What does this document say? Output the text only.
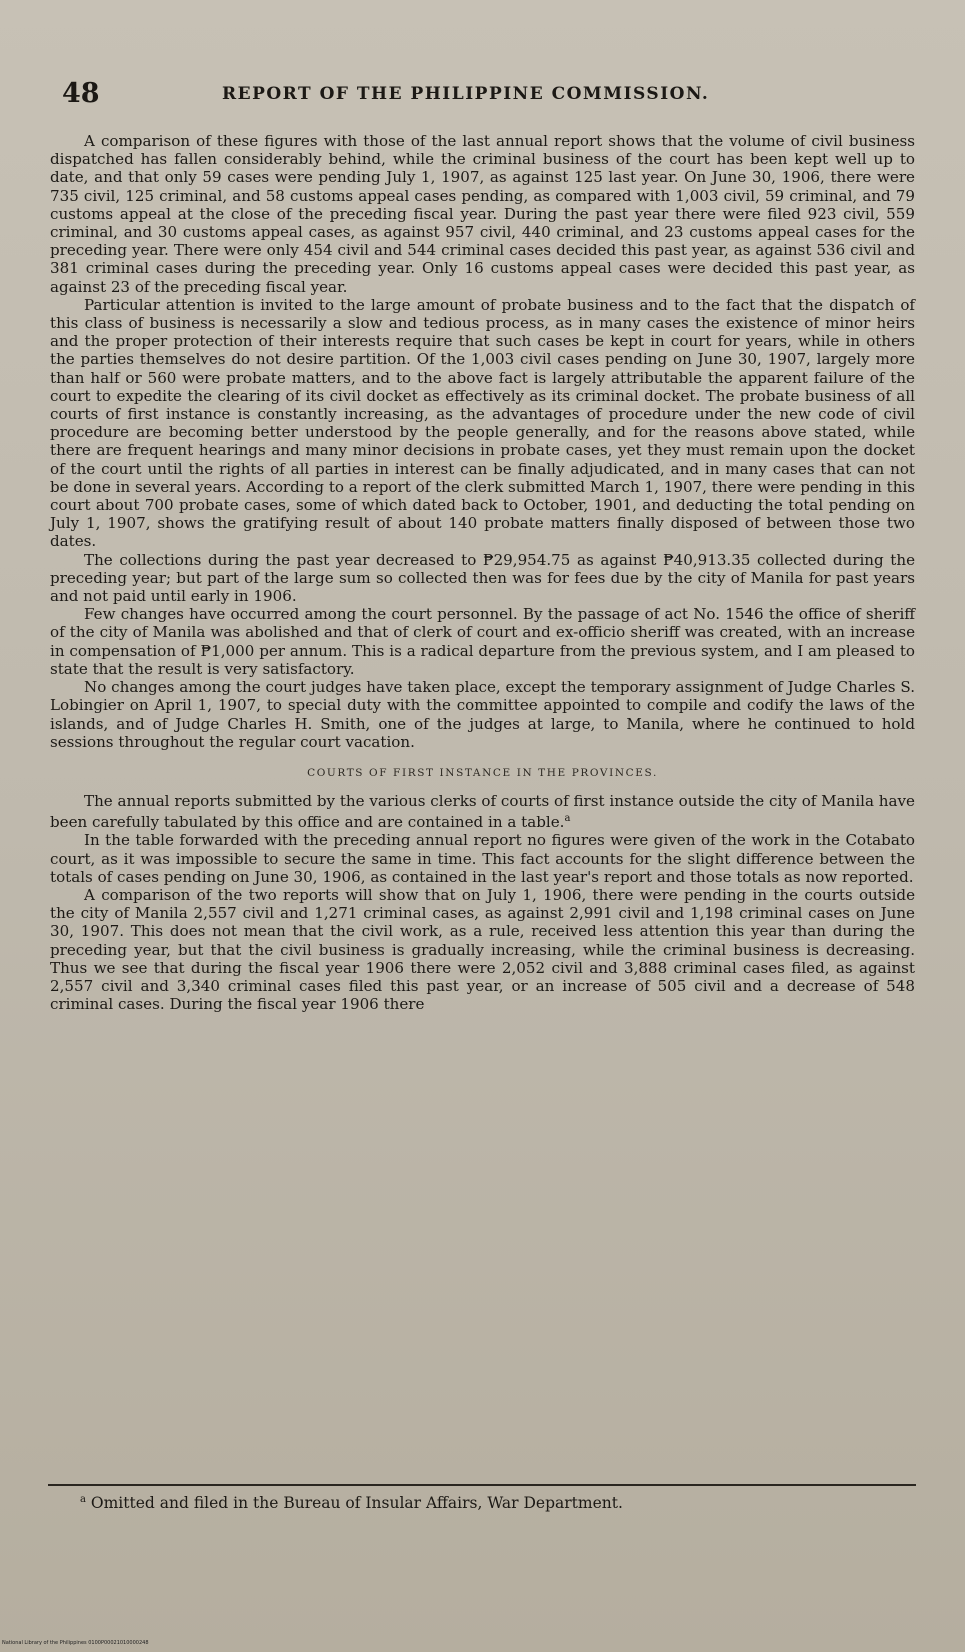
48	REPORT OF THE PHILIPPINE COMMISSION.

A comparison of these figures with those of the last annual report shows that the volume of civil business dispatched has fallen considerably behind, while the criminal business of the court has been kept well up to date, and that only 59 cases were pending July 1, 1907, as against 125 last year. On June 30, 1906, there were 735 civil, 125 criminal, and 58 customs appeal cases pending, as compared with 1,003 civil, 59 criminal, and 79 customs appeal at the close of the preceding fiscal year. During the past year there were filed 923 civil, 559 criminal, and 30 customs appeal cases, as against 957 civil, 440 criminal, and 23 customs appeal cases for the preceding year. There were only 454 civil and 544 criminal cases decided this past year, as against 536 civil and 381 criminal cases during the preceding year. Only 16 customs appeal cases were decided this past year, as against 23 of the preceding fiscal year.

Particular attention is invited to the large amount of probate business and to the fact that the dispatch of this class of business is necessarily a slow and tedious process, as in many cases the existence of minor heirs and the proper protection of their interests require that such cases be kept in court for years, while in others the parties themselves do not desire partition. Of the 1,003 civil cases pending on June 30, 1907, largely more than half or 560 were probate matters, and to the above fact is largely attributable the apparent failure of the court to expedite the clearing of its civil docket as effectively as its criminal docket. The probate business of all courts of first instance is constantly increasing, as the advantages of procedure under the new code of civil procedure are becoming better understood by the people generally, and for the reasons above stated, while there are frequent hearings and many minor decisions in probate cases, yet they must remain upon the docket of the court until the rights of all parties in interest can be finally adjudicated, and in many cases that can not be done in several years. According to a report of the clerk submitted March 1, 1907, there were pending in this court about 700 probate cases, some of which dated back to October, 1901, and deducting the total pending on July 1, 1907, shows the gratifying result of about 140 probate matters finally disposed of between those two dates.

The collections during the past year decreased to ₱29,954.75 as against ₱40,913.35 collected during the preceding year; but part of the large sum so collected then was for fees due by the city of Manila for past years and not paid until early in 1906.

Few changes have occurred among the court personnel. By the passage of act No. 1546 the office of sheriff of the city of Manila was abolished and that of clerk of court and ex-officio sheriff was created, with an increase in compensation of ₱1,000 per annum. This is a radical departure from the previous system, and I am pleased to state that the result is very satisfactory.

No changes among the court judges have taken place, except the temporary assignment of Judge Charles S. Lobingier on April 1, 1907, to special duty with the committee appointed to compile and codify the laws of the islands, and of Judge Charles H. Smith, one of the judges at large, to Manila, where he continued to hold sessions throughout the regular court vacation.

COURTS OF FIRST INSTANCE IN THE PROVINCES.

The annual reports submitted by the various clerks of courts of first instance outside the city of Manila have been carefully tabulated by this office and are contained in a table.$^a$

In the table forwarded with the preceding annual report no figures were given of the work in the Cotabato court, as it was impossible to secure the same in time. This fact accounts for the slight difference between the totals of cases pending on June 30, 1906, as contained in the last year's report and those totals as now reported.

A comparison of the two reports will show that on July 1, 1906, there were pending in the courts outside the city of Manila 2,557 civil and 1,271 criminal cases, as against 2,991 civil and 1,198 criminal cases on June 30, 1907. This does not mean that the civil work, as a rule, received less attention this year than during the preceding year, but that the civil business is gradually increasing, while the criminal business is decreasing. Thus we see that during the fiscal year 1906 there were 2,052 civil and 3,888 criminal cases filed, as against 2,557 civil and 3,340 criminal cases filed this past year, or an increase of 505 civil and a decrease of 548 criminal cases. During the fiscal year 1906 there

$^a$ Omitted and filed in the Bureau of Insular Affairs, War Department.
National Library of the Philippines 0100P00021010000248
